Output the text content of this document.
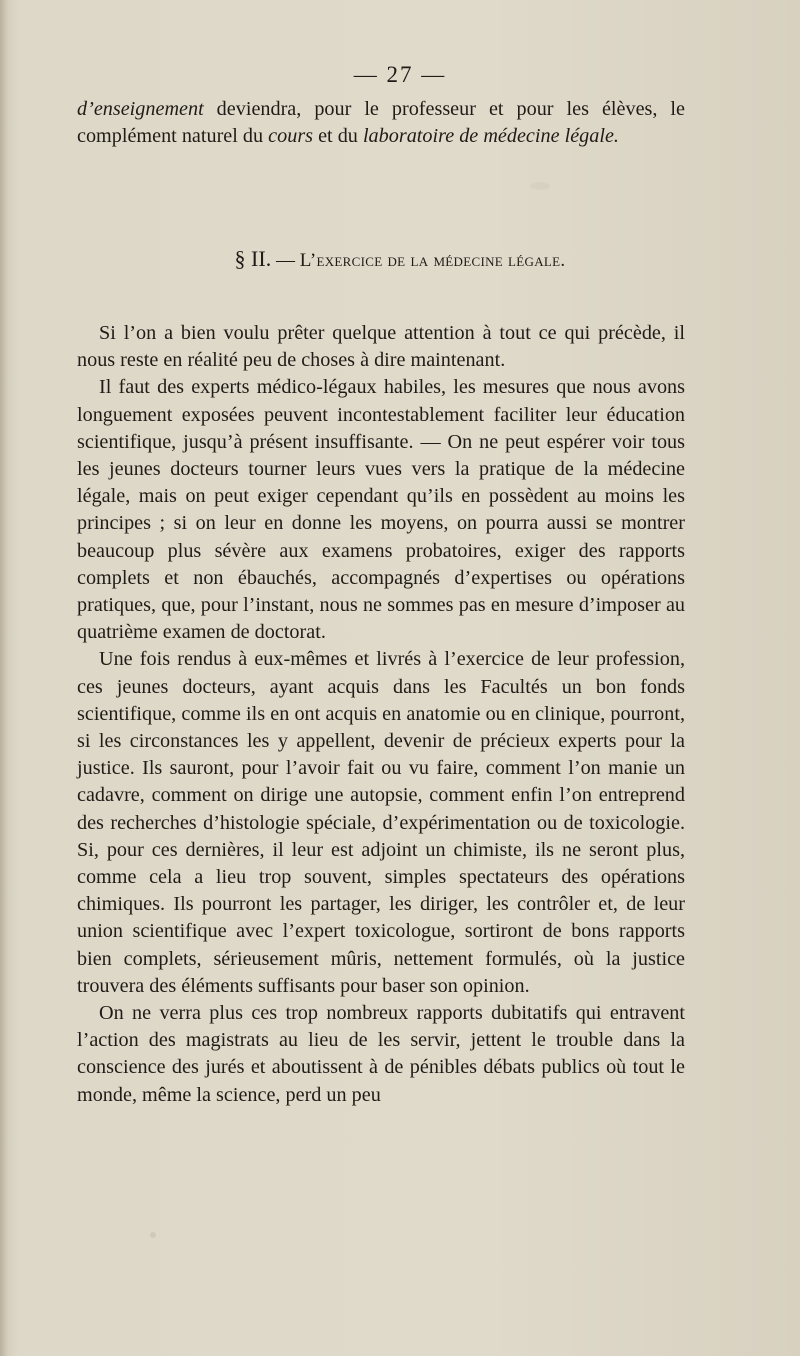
— 27 —
d’enseignement deviendra, pour le professeur et pour les élèves, le complément naturel du cours et du laboratoire de médecine légale.
§ II. — L’exercice de la médecine légale.

Si l’on a bien voulu prêter quelque attention à tout ce qui précède, il nous reste en réalité peu de choses à dire maintenant.

Il faut des experts médico-légaux habiles, les mesures que nous avons longuement exposées peuvent incontestablement faciliter leur éducation scientifique, jusqu’à présent insuffisante. — On ne peut espérer voir tous les jeunes docteurs tourner leurs vues vers la pratique de la médecine légale, mais on peut exiger cependant qu’ils en possèdent au moins les principes ; si on leur en donne les moyens, on pourra aussi se montrer beaucoup plus sévère aux examens probatoires, exiger des rapports complets et non ébauchés, accompagnés d’expertises ou opérations pratiques, que, pour l’instant, nous ne sommes pas en mesure d’imposer au quatrième examen de doctorat.

Une fois rendus à eux-mêmes et livrés à l’exercice de leur profession, ces jeunes docteurs, ayant acquis dans les Facultés un bon fonds scientifique, comme ils en ont acquis en anatomie ou en clinique, pourront, si les circonstances les y appellent, devenir de précieux experts pour la justice. Ils sauront, pour l’avoir fait ou vu faire, comment l’on manie un cadavre, comment on dirige une autopsie, comment enfin l’on entreprend des recherches d’histologie spéciale, d’expérimentation ou de toxicologie. Si, pour ces dernières, il leur est adjoint un chimiste, ils ne seront plus, comme cela a lieu trop souvent, simples spectateurs des opérations chimiques. Ils pourront les partager, les diriger, les contrôler et, de leur union scientifique avec l’expert toxicologue, sortiront de bons rapports bien complets, sérieusement mûris, nettement formulés, où la justice trouvera des éléments suffisants pour baser son opinion.

On ne verra plus ces trop nombreux rapports dubitatifs qui entravent l’action des magistrats au lieu de les servir, jettent le trouble dans la conscience des jurés et aboutissent à de pénibles débats publics où tout le monde, même la science, perd un peu
